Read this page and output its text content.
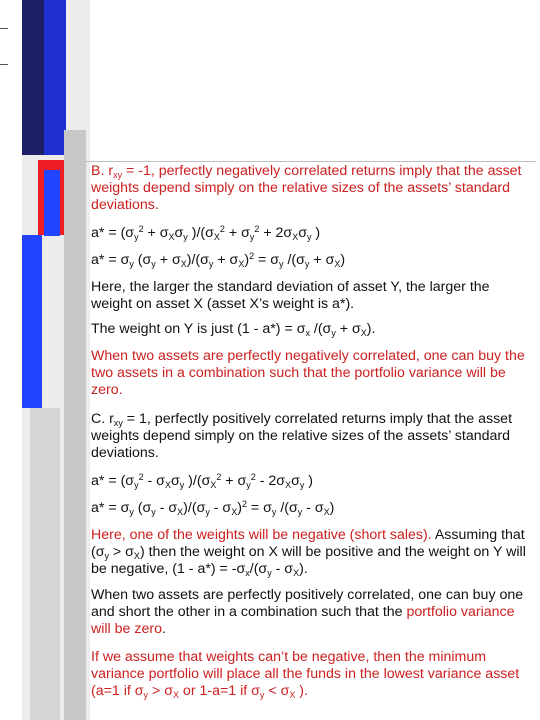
B. $r_{xy} = -1$, perfectly negatively correlated returns imply that the asset weights depend simply on the relative sizes of the assets’ standard deviations.

$a* = (\sigma_y^2 + \sigma_X\sigma_y$ )$/(\sigma_X^2 + \sigma_y^2 + 2\sigma_X\sigma_y$ )

$a* = \sigma_y$ $(\sigma_y + \sigma_X)/(\sigma_y + \sigma_X)^2 = \sigma_y$ $/(\sigma_y + \sigma_X)$

Here, the larger the standard deviation of asset Y, the larger the weight on asset X (asset X’s weight is a*).

The weight on Y is just $(1 - a*) = \sigma_x$ $/(\sigma_y + \sigma_X)$.

When two assets are perfectly negatively correlated, one can buy the two assets in a combination such that the portfolio variance will be zero.

C. $r_{xy} = 1$, perfectly positively correlated returns imply that the asset weights depend simply on the relative sizes of the assets’ standard deviations.

$a* = (\sigma_y^2 - \sigma_X\sigma_y$ )$/(\sigma_X^2 + \sigma_y^2 - 2\sigma_X\sigma_y$ )

$a* = \sigma_y$ $(\sigma_y - \sigma_X)/(\sigma_y - \sigma_X)^2 = \sigma_y$ $/(\sigma_y - \sigma_X)$

Here, one of the weights will be negative (short sales). Assuming that $(\sigma_y > \sigma_X)$ then the weight on X will be positive and the weight on Y will be negative, $(1 - a*) = -\sigma_x/(\sigma_y - \sigma_X)$.

When two assets are perfectly positively correlated, one can buy one and short the other in a combination such that the portfolio variance will be zero.

If we assume that weights can’t be negative, then the minimum variance portfolio will place all the funds in the lowest variance asset (a=1 if $\sigma_y > \sigma_X$ or 1-a=1 if $\sigma_y < \sigma_X$ ).
